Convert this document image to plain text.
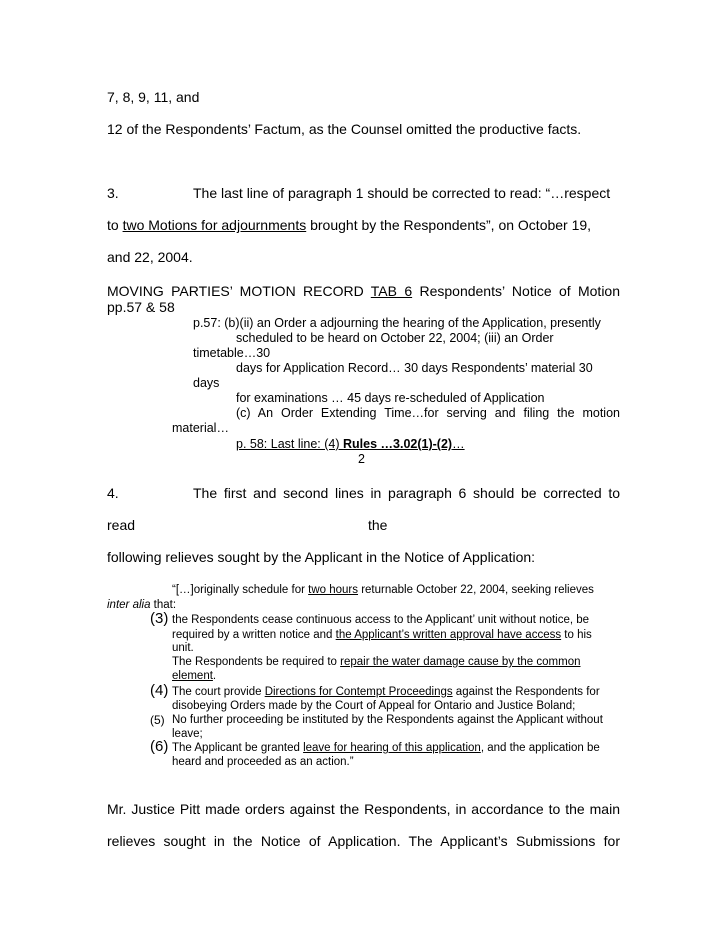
7, 8, 9, 11, and
12 of the Respondents’ Factum, as the Counsel omitted the productive facts.
3.	The last line of paragraph 1 should be corrected to read: “…respect
to two Motions for adjournments brought by the Respondents”, on October 19,
and 22, 2004.
MOVING PARTIES’ MOTION RECORD TAB 6 Respondents’ Notice of Motion
pp.57 & 58
p.57: (b)(ii) an Order a adjourning the hearing of the Application, presently
scheduled to be heard on October 22, 2004; (iii) an Order
timetable…30
days for Application Record… 30 days Respondents’ material 30
days
for examinations … 45 days re-scheduled of Application
(c) An Order Extending Time…for serving and filing the motion
material…
p. 58: Last line: (4) Rules …3.02(1)-(2)…
2
4.	The first and second lines in paragraph 6 should be corrected to
read	the
following relieves sought by the Applicant in the Notice of Application:
“[…]originally schedule for two hours returnable October 22, 2004, seeking relieves
inter alia that:
(3) the Respondents cease continuous access to the Applicant’ unit without notice, be
required by a written notice and the Applicant’s written approval have access to his
unit.
The Respondents be required to repair the water damage cause by the common
element.
(4) The court provide Directions for Contempt Proceedings against the Respondents for
disobeying Orders made by the Court of Appeal for Ontario and Justice Boland;
(5) No further proceeding be instituted by the Respondents against the Applicant without
leave;
(6) The Applicant be granted leave for hearing of this application, and the application be
heard and proceeded as an action.”
Mr. Justice Pitt made orders against the Respondents, in accordance to the main
relieves sought in the Notice of Application. The Applicant’s Submissions for
